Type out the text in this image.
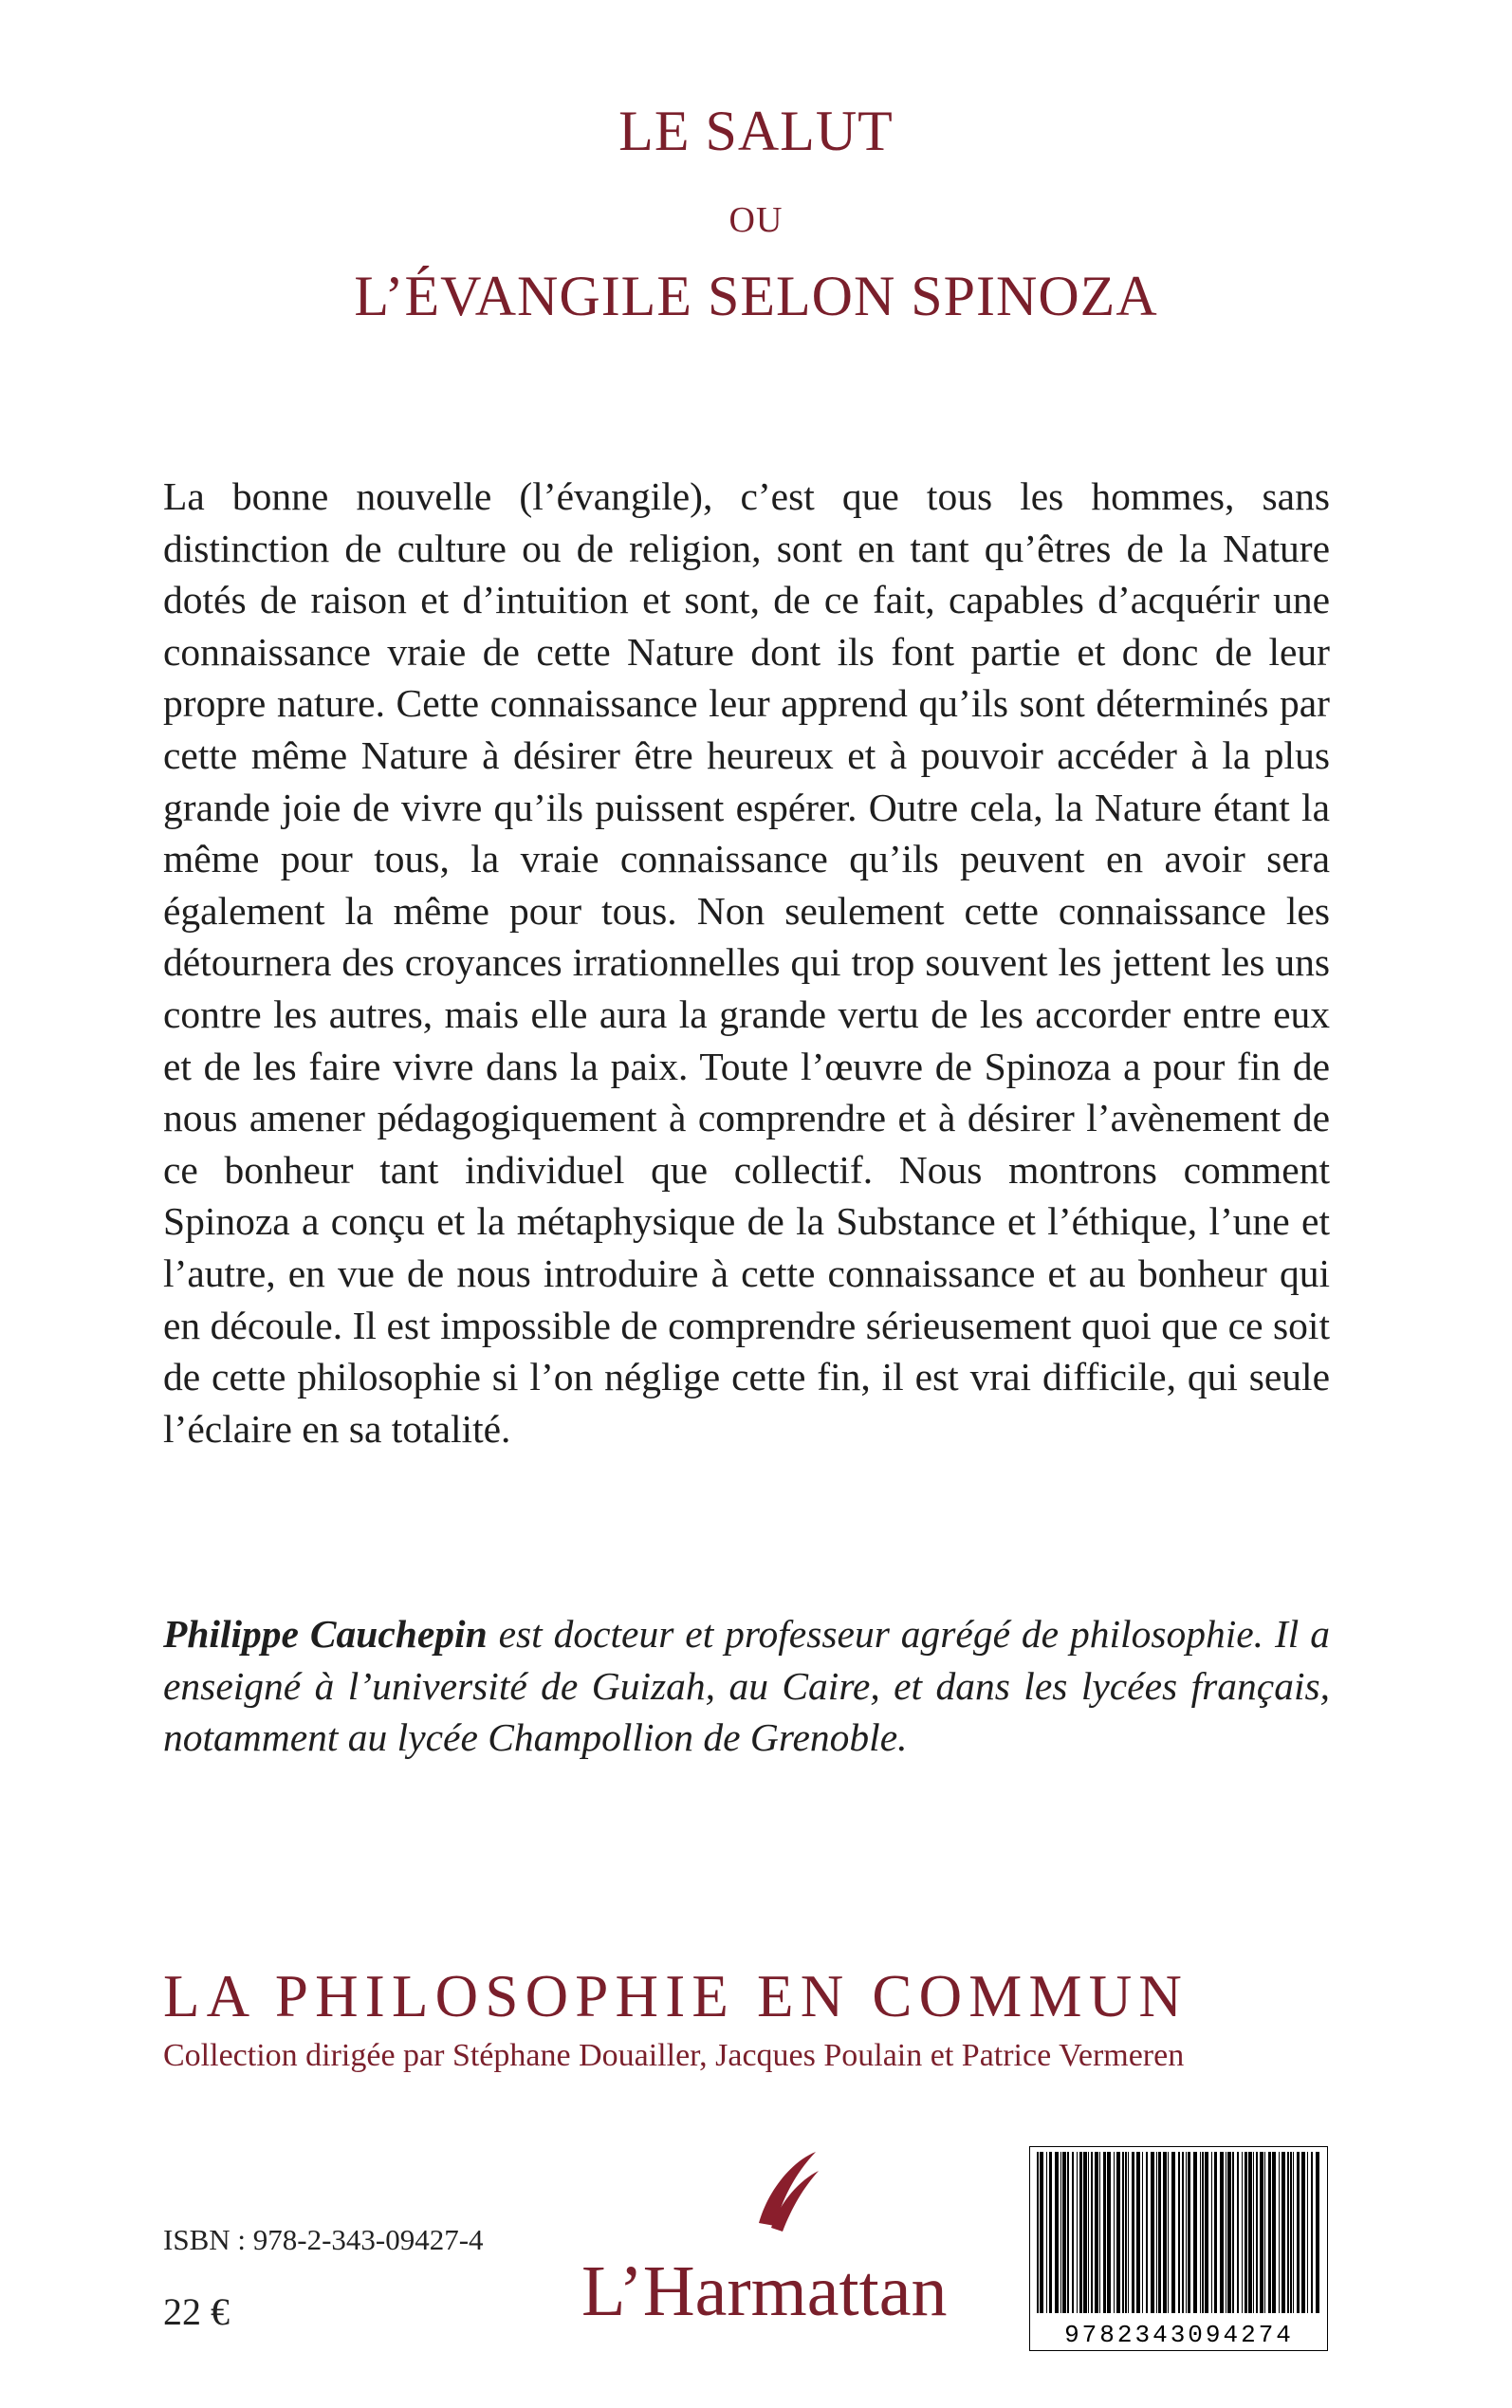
LE SALUT
OU
L’ÉVANGILE SELON SPINOZA

La bonne nouvelle (l’évangile), c’est que tous les hommes, sans distinction de culture ou de religion, sont en tant qu’êtres de la Nature dotés de raison et d’intuition et sont, de ce fait, capables d’acquérir une connaissance vraie de cette Nature dont ils font partie et donc de leur propre nature. Cette connaissance leur apprend qu’ils sont déterminés par cette même Nature à désirer être heureux et à pouvoir accéder à la plus grande joie de vivre qu’ils puissent espérer. Outre cela, la Nature étant la même pour tous, la vraie connaissance qu’ils peuvent en avoir sera également la même pour tous. Non seulement cette connaissance les détournera des croyances irrationnelles qui trop souvent les jettent les uns contre les autres, mais elle aura la grande vertu de les accorder entre eux et de les faire vivre dans la paix. Toute l’œuvre de Spinoza a pour fin de nous amener pédagogiquement à comprendre et à désirer l’avènement de ce bonheur tant individuel que collectif. Nous montrons comment Spinoza a conçu et la métaphysique de la Substance et l’éthique, l’une et l’autre, en vue de nous introduire à cette connaissance et au bonheur qui en découle. Il est impossible de comprendre sérieusement quoi que ce soit de cette philosophie si l’on néglige cette fin, il est vrai difficile, qui seule l’éclaire en sa totalité.

Philippe Cauchepin est docteur et professeur agrégé de philosophie. Il a enseigné à l’université de Guizah, au Caire, et dans les lycées français, notamment au lycée Champollion de Grenoble.

LA PHILOSOPHIE EN COMMUN
Collection dirigée par Stéphane Douailler, Jacques Poulain et Patrice Vermeren
ISBN : 978-2-343-09427-4
22 €	L’Harmattan
9782343094274
